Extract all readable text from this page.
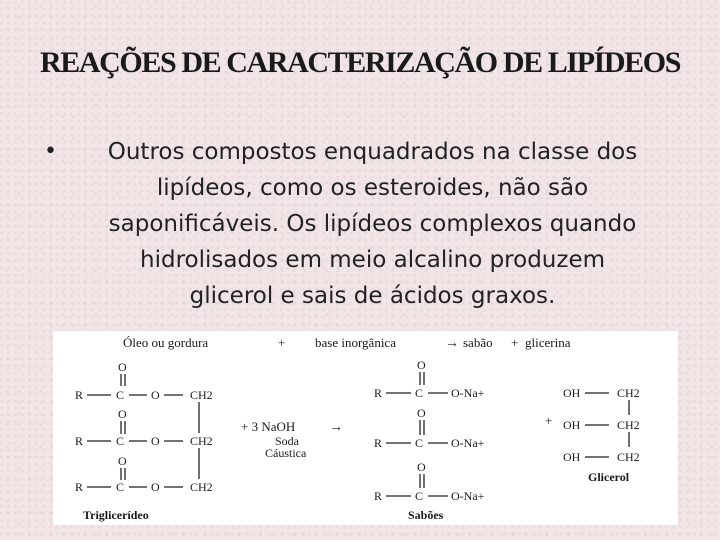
REAÇÕES DE CARACTERIZAÇÃO DE LIPÍDEOS
•	Outros compostos enquadrados na classe dos
lipídeos, como os esteroides, não são
saponificáveis. Os lipídeos complexos quando
hidrolisados em meio alcalino produzem
glicerol e sais de ácidos graxos.
Óleo ou gordura	+ base inorgânica	→ sabão + glicerina
O
R	C O	CH2
O
R	C O	CH2
O
R	C O	CH2
Triglicerídeo
+ 3 NaOH →
Soda
Cáustica
O
R	C O-Na+
O
R	C O-Na+
O
R	C O-Na+
Sabões
+
OH	CH2
OH	CH2
OH	CH2
Glicerol
